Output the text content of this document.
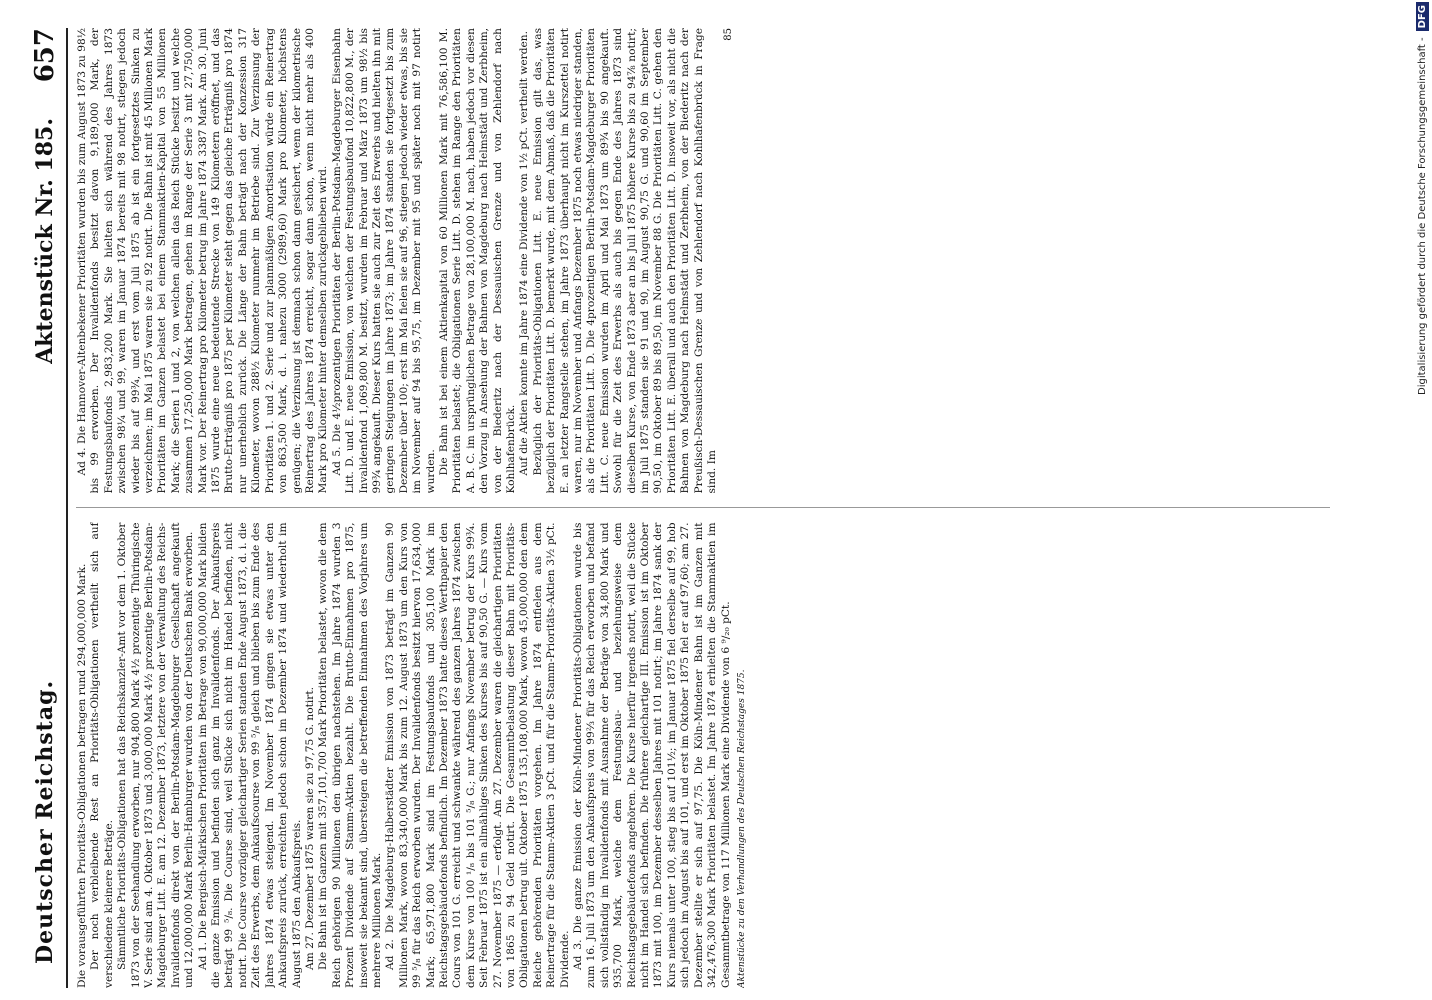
Deutscher Reichstag.
Aktenstück Nr. 185.
657

Die vorausgeführten Prioritäts-Obligationen betragen rund 294,000,000 Mark. Der noch verbleibende Rest an Prioritäts-Obligationen vertheilt sich auf verschiedene kleinere Beträge. Sämmtliche Prioritäts-Obligationen hat das Reichskanzler-Amt vor dem 1. Oktober 1873 von der Seehandlung erworben, nur 904,800 Mark 4½ prozentige Thüringische V. Serie sind am 4. Oktober 1873 und 3,000,000 Mark 4½ prozentige Berlin-Potsdam-Magdeburger Litt. E. am 12. Dezember 1873, letztere von der Verwaltung des Reichs-Invalidenfonds direkt von der Berlin-Potsdam-Magdeburger Gesellschaft angekauft und 12,000,000 Mark Berlin-Hamburger wurden von der Deutschen Bank erworben. Ad 1. Die Bergisch-Märkischen Prioritäten im Betrage von 90,000,000 Mark bilden die ganze Emission und befinden sich ganz im Invalidenfonds. Der Ankaufspreis beträgt 99 ⁵/₈. Die Course sind, weil Stücke sich nicht im Handel befinden, nicht notirt. Die Course vorzügiger gleichartiger Serien standen Ende August 1873, d. i. die Zeit des Erwerbs, dem Ankaufscourse von 99 ⁵/₈ gleich und blieben bis zum Ende des Jahres 1874 etwas steigend. Im November 1874 gingen sie etwas unter den Ankaufspreis zurück, erreichten jedoch schon im Dezember 1874 und wiederholt im August 1875 den Ankaufspreis. Am 27. Dezember 1875 waren sie zu 97,75 G. notirt. Die Bahn ist im Ganzen mit 357,101,700 Mark Prioritäten belastet, wovon die dem Reich gehörigen 90 Millionen den übrigen nachstehen. Im Jahre 1874 wurden 3 Prozent Dividende auf Stamm-Aktien bezahlt. Die Brutto-Einnahmen pro 1875, insoweit sie bekannt sind, übersteigen die betreffenden Einnahmen des Vorjahres um mehrere Millionen Mark. Ad 2. Die Magdeburg-Halberstädter Emission von 1873 beträgt im Ganzen 90 Millionen Mark, wovon 83,340,000 Mark bis zum 12. August 1873 um den Kurs von 99 ⁵/₈ für das Reich erworben wurden. Der Invalidenfonds besitzt hiervon 17,634,000 Mark; 65,971,800 Mark sind im Festungsbaufonds und 305,100 Mark im Reichstagsgebäudefonds befindlich. Im Dezember 1873 hatte dieses Werthpapier den Cours von 101 G. erreicht und schwankte während des ganzen Jahres 1874 zwischen dem Kurse von 100 ¹/₈ bis 101 ⁵/₈ G.; nur Anfangs November betrug der Kurs 99¾. Seit Februar 1875 ist ein allmähliges Sinken des Kurses bis auf 90,50 G. — Kurs vom 27. November 1875 — erfolgt. Am 27. Dezember waren die gleichartigen Prioritäten von 1865 zu 94 Geld notirt. Die Gesammtbelastung dieser Bahn mit Prioritäts-Obligationen betrug ult. Oktober 1875 135,108,000 Mark, wovon 45,000,000 den dem Reiche gehörenden Prioritäten vorgehen. Im Jahre 1874 entfielen aus dem Reinertrage für die Stamm-Aktien 3 pCt. und für die Stamm-Prioritäts-Aktien 3½ pCt. Dividende. Ad 3. Die ganze Emission der Köln-Mindener Prioritäts-Obligationen wurde bis zum 16. Juli 1873 um den Ankaufspreis von 99⅔ für das Reich erworben und befand sich vollständig im Invalidenfonds mit Ausnahme der Beträge von 34,800 Mark und 935,700 Mark, welche dem Festungsbau- und beziehungsweise dem Reichstagsgebäudefonds angehören. Die Kurse hierfür irgends notirt, weil die Stücke nicht im Handel sich befinden. Die frühere gleichartige III. Emission ist im Oktober 1873 mit 100, im Dezember desselben Jahres mit 101 notirt; im Jahre 1874 sank der Kurs niemals unter 100, stieg bis auf 101½; im Januar 1875 fiel derselbe auf 99, hob sich jedoch im August bis auf 101, und erst im Oktober 1875 fiel er auf 97,60; am 27. Dezember stellte er sich auf 97,75. Die Köln-Mindener Bahn ist im Ganzen mit 342,476,300 Mark Prioritäten belastet. Im Jahre 1874 erhielten die Stammaktien im Gesammtbetrage von 117 Millionen Mark eine Dividende von 6 ⁹/₂₀ pCt. Aktenstücke zu den Verhandlungen des Deutschen Reichstages 1875.

Ad 4. Die Hannover-Altenbekener Prioritäten wurden bis zum August 1873 zu 98½ bis 99 erworben. Der Invalidenfonds besitzt davon 9,189,000 Mark, der Festungsbaufonds 2,983,200 Mark. Sie hielten sich während des Jahres 1873 zwischen 98¼ und 99, waren im Januar 1874 bereits mit 98 notirt, stiegen jedoch wieder bis auf 99¾, und erst vom Juli 1875 ab ist ein fortgesetztes Sinken zu verzeichnen; im Mai 1875 waren sie zu 92 notirt. Die Bahn ist mit 45 Millionen Mark Prioritäten im Ganzen belastet bei einem Stammaktien-Kapital von 55 Millionen Mark; die Serien 1 und 2, von welchen allein das Reich Stücke besitzt und welche zusammen 17,250,000 Mark betragen, gehen im Range der Serie 3 mit 27,750,000 Mark vor. Der Reinertrag pro Kilometer betrug im Jahre 1874 3387 Mark. Am 30. Juni 1875 wurde eine neue bedeutende Strecke von 149 Kilometern eröffnet, und das Brutto-Erträgniß pro 1875 per Kilometer steht gegen das gleiche Erträgniß pro 1874 nur unerheblich zurück. Die Länge der Bahn beträgt nach der Konzession 317 Kilometer, wovon 288½ Kilometer nunmehr im Betriebe sind. Zur Verzinsung der Prioritäten 1. und 2. Serie und zur planmäßigen Amortisation würde ein Reinertrag von 863,500 Mark, d. i. nahezu 3000 (2989,60) Mark pro Kilometer, höchstens genügen; die Verzinsung ist demnach schon dann gesichert, wenn der kilometrische Reinertrag des Jahres 1874 erreicht, sogar dann schon, wenn nicht mehr als 400 Mark pro Kilometer hinter demselben zurückgeblieben wird. Ad 5. Die 4½prozentigen Prioritäten der Berlin-Potsdam-Magdeburger Eisenbahn Litt. D. und E. neue Emission, von welchen der Festungsbaufond 10,822,800 M., der Invalidenfond 1,069,800 M. besitzt, wurden im Februar und März 1873 um 98½ bis 99¾ angekauft. Dieser Kurs hatten sie auch zur Zeit des Erwerbs und hielten ihn mit geringen Steigungen im Jahre 1873; im Jahre 1874 standen sie fortgesetzt bis zum Dezember über 100; erst im Mai fielen sie auf 96, stiegen jedoch wieder etwas, bis sie im November auf 94 bis 95,75, im Dezember mit 95 und später noch mit 97 notirt wurden. Die Bahn ist bei einem Aktienkapital von 60 Millionen Mark mit 76,586,100 M. Prioritäten belastet; die Obligationen Serie Litt. D. stehen im Range den Prioritäten A. B. C. im ursprünglichen Betrage von 28,100,000 M. nach, haben jedoch vor diesen den Vorzug in Ansehung der Bahnen von Magdeburg nach Helmstädt und Zerbheim, von der Biederitz nach der Dessauischen Grenze und von Zehlendorf nach Kohlhafenbrück. Auf die Aktien konnte im Jahre 1874 eine Dividende von 1½ pCt. vertheilt werden. Bezüglich der Prioritäts-Obligationen Litt. E. neue Emission gilt das, was bezüglich der Prioritäten Litt. D. bemerkt wurde, mit dem Abmaß, daß die Prioritäten E. an letzter Rangstelle stehen, im Jahre 1873 überhaupt nicht im Kurszettel notirt waren, nur im November und Anfangs Dezember 1875 noch etwas niedriger standen, als die Prioritäten Litt. D. Die 4prozentigen Berlin-Potsdam-Magdeburger Prioritäten Litt. C. neue Emission wurden im April und Mai 1873 um 89¾ bis 90 angekauft. Sowohl für die Zeit des Erwerbs als auch bis gegen Ende des Jahres 1873 sind dieselben Kurse, von Ende 1873 aber an bis Juli 1875 höhere Kurse bis zu 94⅞ notirt; im Juli 1875 standen sie 91 und 90, im August 90,75 G. und 90,60 im September 90,50, im Oktober 89 bis 89,50, im November 88 G. Die Prioritäten Litt. C. gehen den Prioritäten Litt. E. überall und auch den Prioritäten Litt. D. insoweit vor, als nicht die Bahnen von Magdeburg nach Helmstädt und Zerbheim, von der Biederitz nach der Preußisch-Dessauischen Grenze und von Zehlendorf nach Kohlhafenbrück in Frage sind. Im

85
Digitalisierung gefördert durch die Deutsche Forschungsgemeinschaft -
DFG
